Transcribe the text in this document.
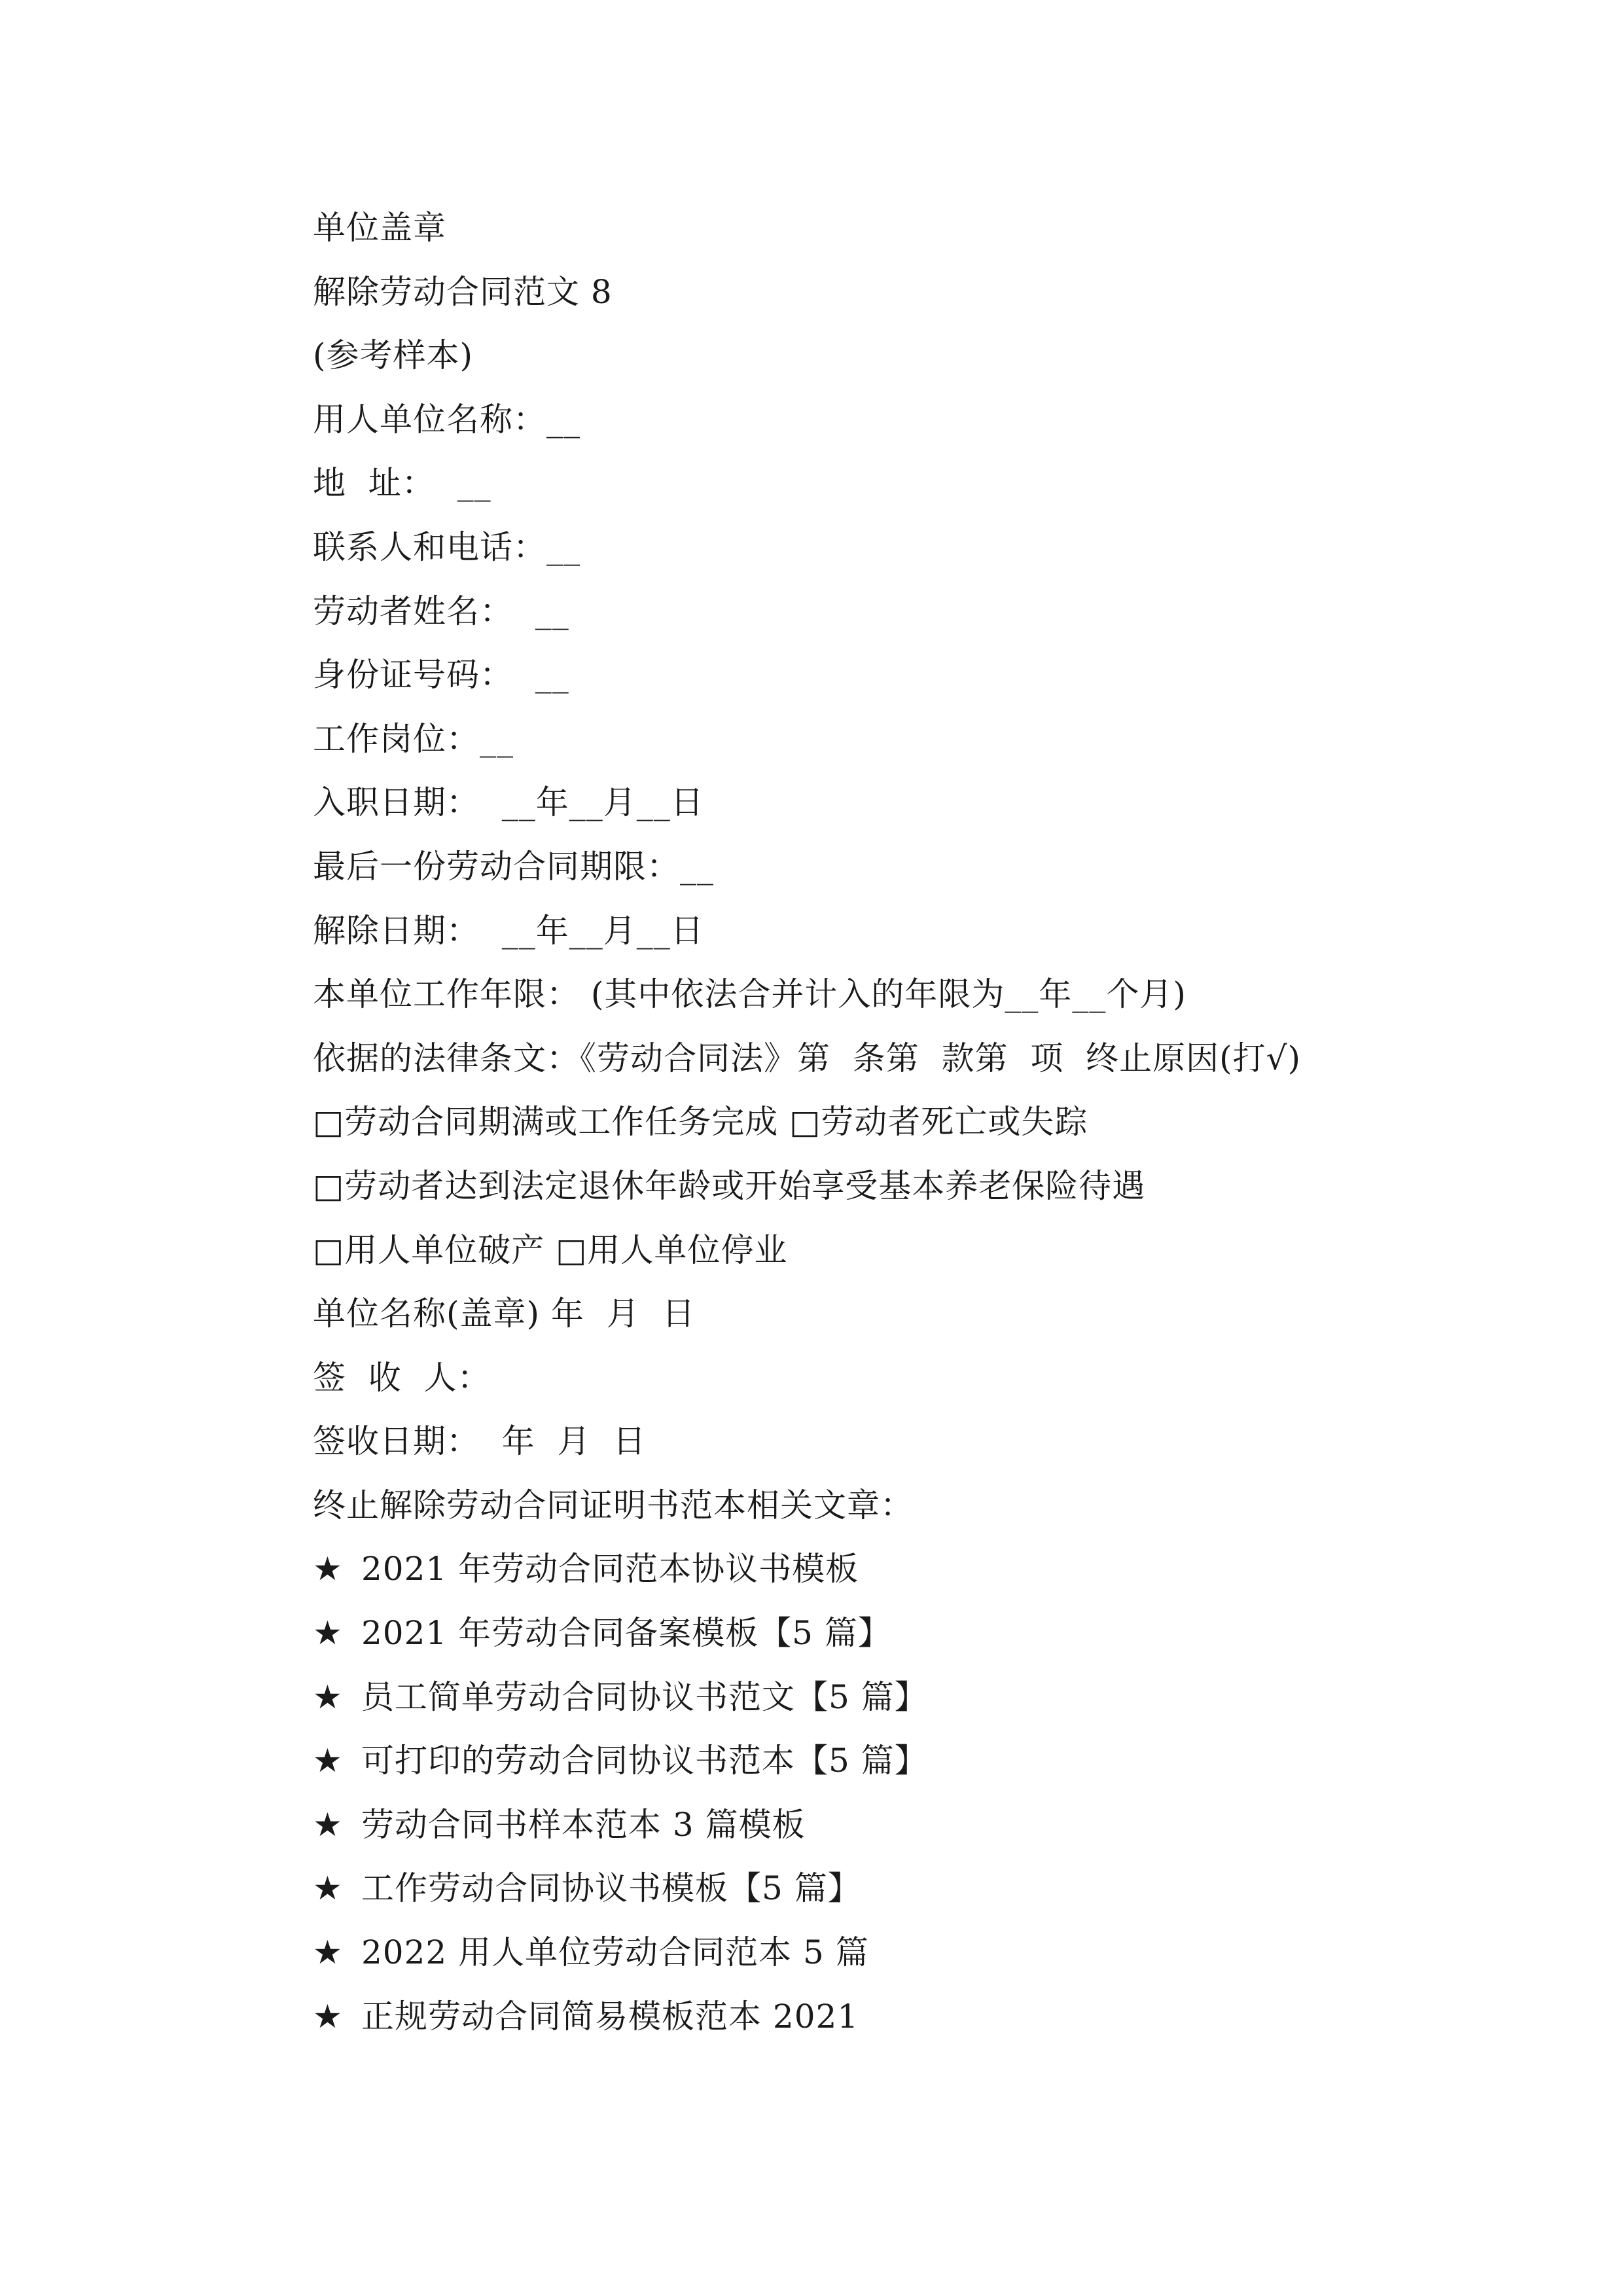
单位盖章
解除劳动合同范文 8
(参考样本)
用人单位名称：__
地  址：  __
联系人和电话：__
劳动者姓名：  __
身份证号码：  __
工作岗位：__
入职日期：  __年__月__日
最后一份劳动合同期限：__
解除日期：  __年__月__日
本单位工作年限： (其中依法合并计入的年限为__年__个月)
依据的法律条文：《劳动合同法》第  条第  款第  项  终止原因(打√)
□劳动合同期满或工作任务完成 □劳动者死亡或失踪
□劳动者达到法定退休年龄或开始享受基本养老保险待遇
□用人单位破产 □用人单位停业
单位名称(盖章) 年  月  日
签  收  人：
签收日期：  年  月  日
终止解除劳动合同证明书范本相关文章：
★ 2021 年劳动合同范本协议书模板
★ 2021 年劳动合同备案模板【5 篇】
★ 员工简单劳动合同协议书范文【5 篇】
★ 可打印的劳动合同协议书范本【5 篇】
★ 劳动合同书样本范本 3 篇模板
★ 工作劳动合同协议书模板【5 篇】
★ 2022 用人单位劳动合同范本 5 篇
★ 正规劳动合同简易模板范本 2021
